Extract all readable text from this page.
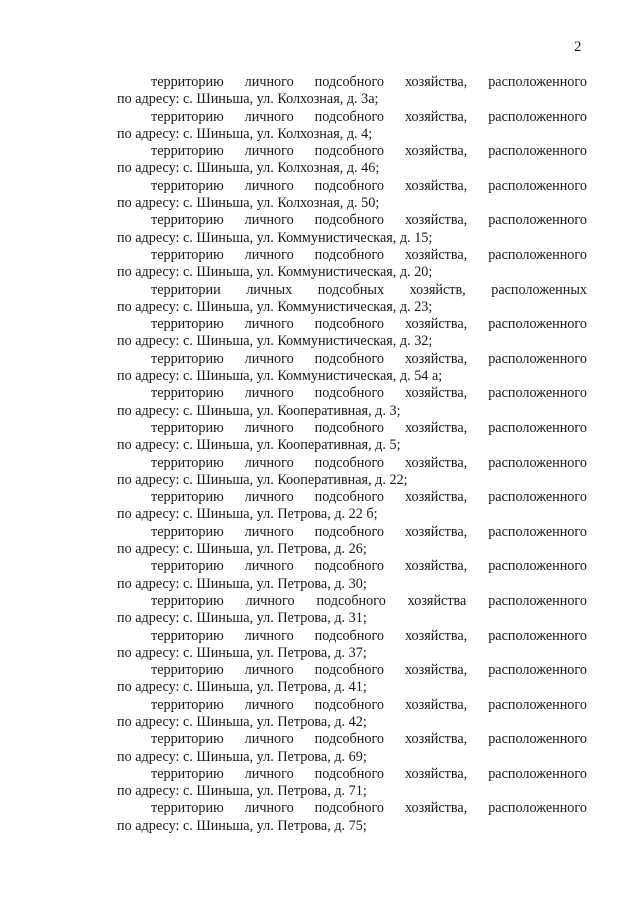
2
территорию личного подсобного хозяйства, расположенного
по адресу: с. Шиньша, ул. Колхозная, д. 3а;
территорию личного подсобного хозяйства, расположенного
по адресу: с. Шиньша, ул. Колхозная, д. 4;
территорию личного подсобного хозяйства, расположенного
по адресу: с. Шиньша, ул. Колхозная, д. 46;
территорию личного подсобного хозяйства, расположенного
по адресу: с. Шиньша, ул. Колхозная, д. 50;
территорию личного подсобного хозяйства, расположенного
по адресу: с. Шиньша, ул. Коммунистическая, д. 15;
территорию личного подсобного хозяйства, расположенного
по адресу: с. Шиньша, ул. Коммунистическая, д. 20;
территории личных подсобных хозяйств, расположенных
по адресу: с. Шиньша, ул. Коммунистическая, д. 23;
территорию личного подсобного хозяйства, расположенного
по адресу: с. Шиньша, ул. Коммунистическая, д. 32;
территорию личного подсобного хозяйства, расположенного
по адресу: с. Шиньша, ул. Коммунистическая, д. 54 а;
территорию личного подсобного хозяйства, расположенного
по адресу: с. Шиньша, ул. Кооперативная, д. 3;
территорию личного подсобного хозяйства, расположенного
по адресу: с. Шиньша, ул. Кооперативная, д. 5;
территорию личного подсобного хозяйства, расположенного
по адресу: с. Шиньша, ул. Кооперативная, д. 22;
территорию личного подсобного хозяйства, расположенного
по адресу: с. Шиньша, ул. Петрова, д. 22 б;
территорию личного подсобного хозяйства, расположенного
по адресу: с. Шиньша, ул. Петрова, д. 26;
территорию личного подсобного хозяйства, расположенного
по адресу: с. Шиньша, ул. Петрова, д. 30;
территорию личного подсобного хозяйства расположенного
по адресу: с. Шиньша, ул. Петрова, д. 31;
территорию личного подсобного хозяйства, расположенного
по адресу: с. Шиньша, ул. Петрова, д. 37;
территорию личного подсобного хозяйства, расположенного
по адресу: с. Шиньша, ул. Петрова, д. 41;
территорию личного подсобного хозяйства, расположенного
по адресу: с. Шиньша, ул. Петрова, д. 42;
территорию личного подсобного хозяйства, расположенного
по адресу: с. Шиньша, ул. Петрова, д. 69;
территорию личного подсобного хозяйства, расположенного
по адресу: с. Шиньша, ул. Петрова, д. 71;
территорию личного подсобного хозяйства, расположенного
по адресу: с. Шиньша, ул. Петрова, д. 75;
